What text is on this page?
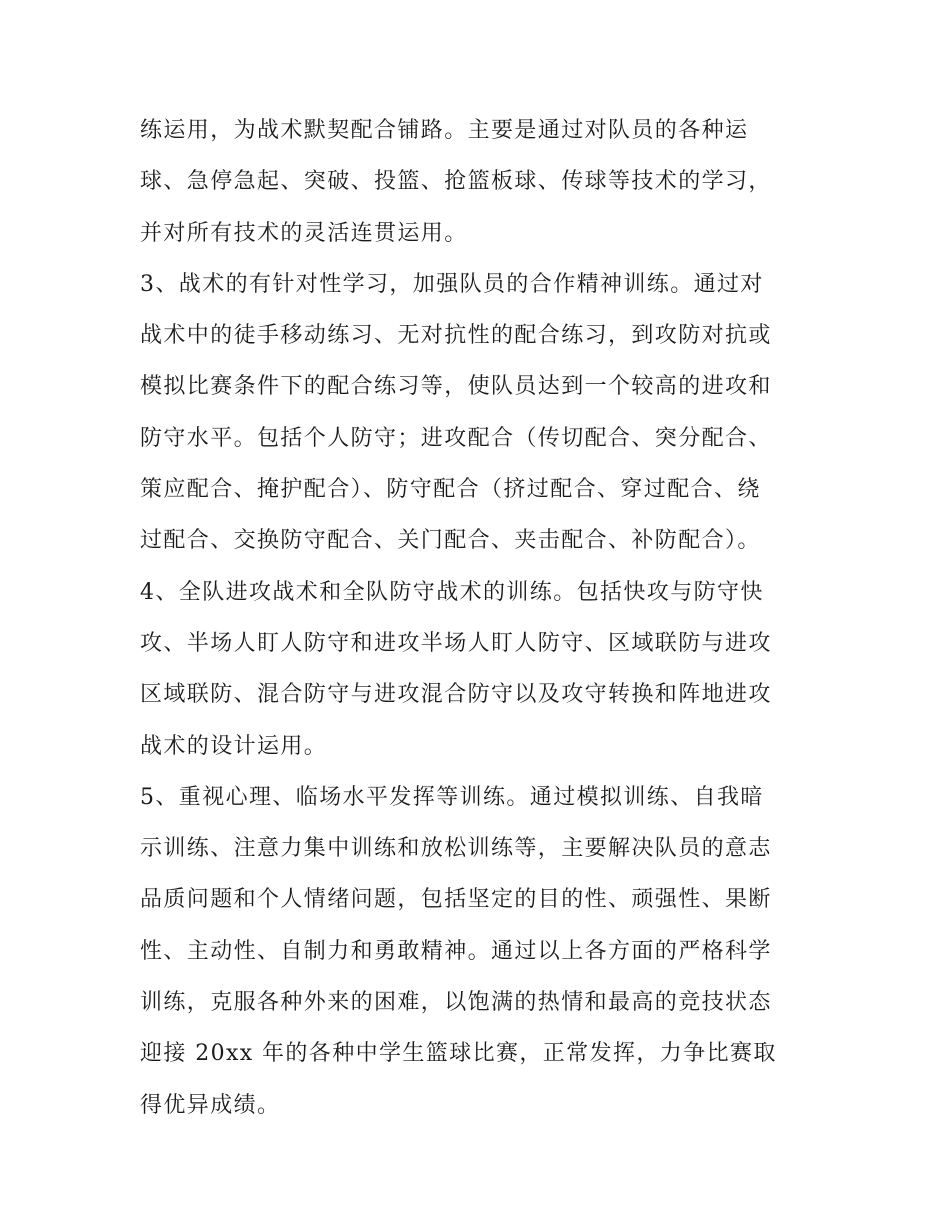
练运用，为战术默契配合铺路。主要是通过对队员的各种运
球、急停急起、突破、投篮、抢篮板球、传球等技术的学习，
并对所有技术的灵活连贯运用。
3、战术的有针对性学习，加强队员的合作精神训练。通过对
战术中的徒手移动练习、无对抗性的配合练习，到攻防对抗或
模拟比赛条件下的配合练习等，使队员达到一个较高的进攻和
防守水平。包括个人防守；进攻配合（传切配合、突分配合、
策应配合、掩护配合）、防守配合（挤过配合、穿过配合、绕
过配合、交换防守配合、关门配合、夹击配合、补防配合）。
4、全队进攻战术和全队防守战术的训练。包括快攻与防守快
攻、半场人盯人防守和进攻半场人盯人防守、区域联防与进攻
区域联防、混合防守与进攻混合防守以及攻守转换和阵地进攻
战术的设计运用。
5、重视心理、临场水平发挥等训练。通过模拟训练、自我暗
示训练、注意力集中训练和放松训练等，主要解决队员的意志
品质问题和个人情绪问题，包括坚定的目的性、顽强性、果断
性、主动性、自制力和勇敢精神。通过以上各方面的严格科学
训练，克服各种外来的困难，以饱满的热情和最高的竞技状态
迎接 20xx 年的各种中学生篮球比赛，正常发挥，力争比赛取
得优异成绩。
